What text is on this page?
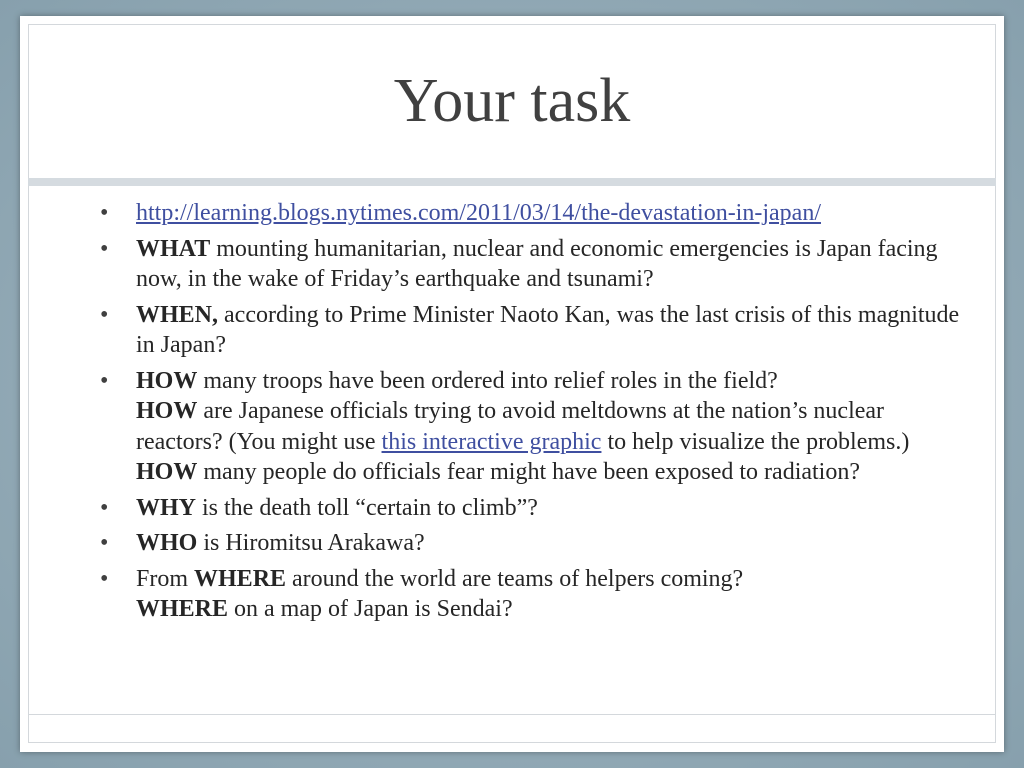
Your task
• http://learning.blogs.nytimes.com/2011/03/14/the-devastation-in-japan/
• WHAT mounting humanitarian, nuclear and economic emergencies is Japan facing now, in the wake of Friday’s earthquake and tsunami?
• WHEN, according to Prime Minister Naoto Kan, was the last crisis of this magnitude in Japan?
• HOW many troops have been ordered into relief roles in the field?
HOW are Japanese officials trying to avoid meltdowns at the nation’s nuclear reactors? (You might use this interactive graphic to help visualize the problems.)
HOW many people do officials fear might have been exposed to radiation?
• WHY is the death toll “certain to climb”?
• WHO is Hiromitsu Arakawa?
• From WHERE around the world are teams of helpers coming?
WHERE on a map of Japan is Sendai?
